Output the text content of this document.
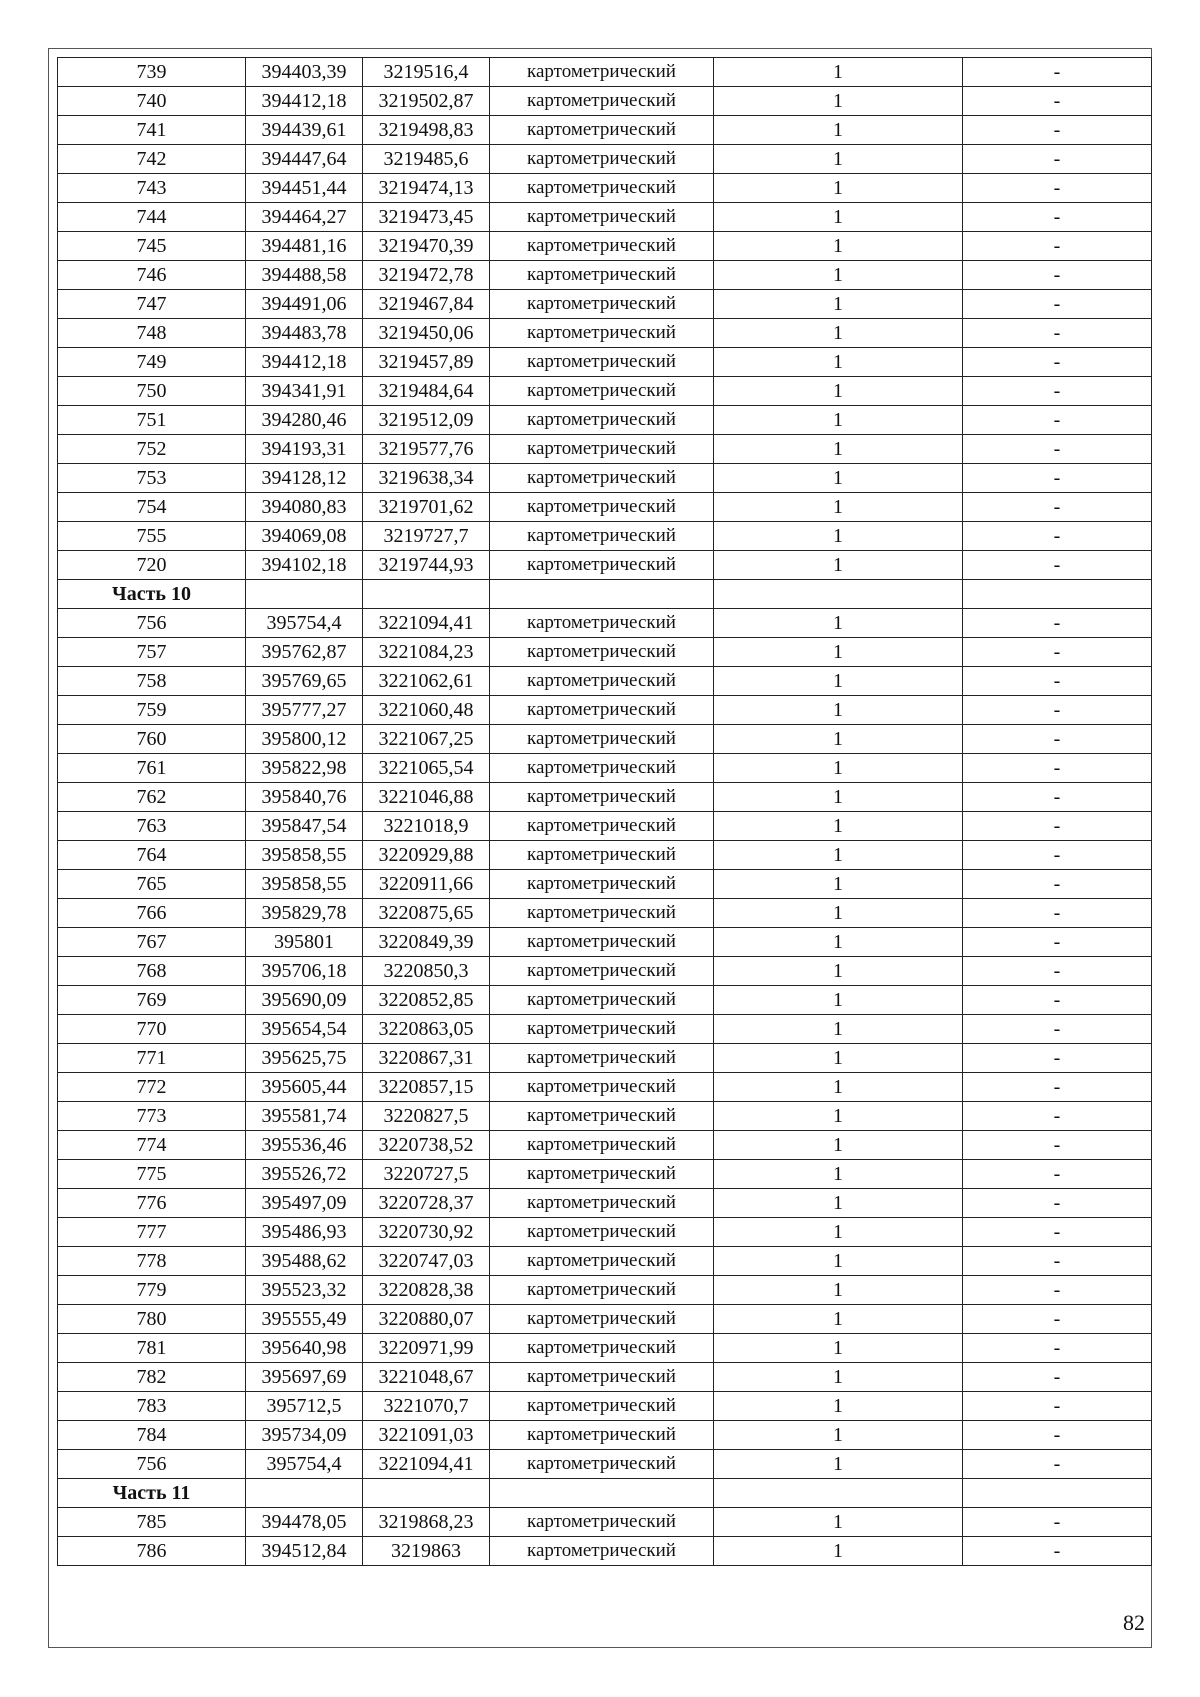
739	394403,39	3219516,4	картометрический	1	-
740	394412,18	3219502,87	картометрический	1	-
741	394439,61	3219498,83	картометрический	1	-
742	394447,64	3219485,6	картометрический	1	-
743	394451,44	3219474,13	картометрический	1	-
744	394464,27	3219473,45	картометрический	1	-
745	394481,16	3219470,39	картометрический	1	-
746	394488,58	3219472,78	картометрический	1	-
747	394491,06	3219467,84	картометрический	1	-
748	394483,78	3219450,06	картометрический	1	-
749	394412,18	3219457,89	картометрический	1	-
750	394341,91	3219484,64	картометрический	1	-
751	394280,46	3219512,09	картометрический	1	-
752	394193,31	3219577,76	картометрический	1	-
753	394128,12	3219638,34	картометрический	1	-
754	394080,83	3219701,62	картометрический	1	-
755	394069,08	3219727,7	картометрический	1	-
720	394102,18	3219744,93	картометрический	1	-
Часть 10					
756	395754,4	3221094,41	картометрический	1	-
757	395762,87	3221084,23	картометрический	1	-
758	395769,65	3221062,61	картометрический	1	-
759	395777,27	3221060,48	картометрический	1	-
760	395800,12	3221067,25	картометрический	1	-
761	395822,98	3221065,54	картометрический	1	-
762	395840,76	3221046,88	картометрический	1	-
763	395847,54	3221018,9	картометрический	1	-
764	395858,55	3220929,88	картометрический	1	-
765	395858,55	3220911,66	картометрический	1	-
766	395829,78	3220875,65	картометрический	1	-
767	395801	3220849,39	картометрический	1	-
768	395706,18	3220850,3	картометрический	1	-
769	395690,09	3220852,85	картометрический	1	-
770	395654,54	3220863,05	картометрический	1	-
771	395625,75	3220867,31	картометрический	1	-
772	395605,44	3220857,15	картометрический	1	-
773	395581,74	3220827,5	картометрический	1	-
774	395536,46	3220738,52	картометрический	1	-
775	395526,72	3220727,5	картометрический	1	-
776	395497,09	3220728,37	картометрический	1	-
777	395486,93	3220730,92	картометрический	1	-
778	395488,62	3220747,03	картометрический	1	-
779	395523,32	3220828,38	картометрический	1	-
780	395555,49	3220880,07	картометрический	1	-
781	395640,98	3220971,99	картометрический	1	-
782	395697,69	3221048,67	картометрический	1	-
783	395712,5	3221070,7	картометрический	1	-
784	395734,09	3221091,03	картометрический	1	-
756	395754,4	3221094,41	картометрический	1	-
Часть 11					
785	394478,05	3219868,23	картометрический	1	-
786	394512,84	3219863	картометрический	1	-
82
